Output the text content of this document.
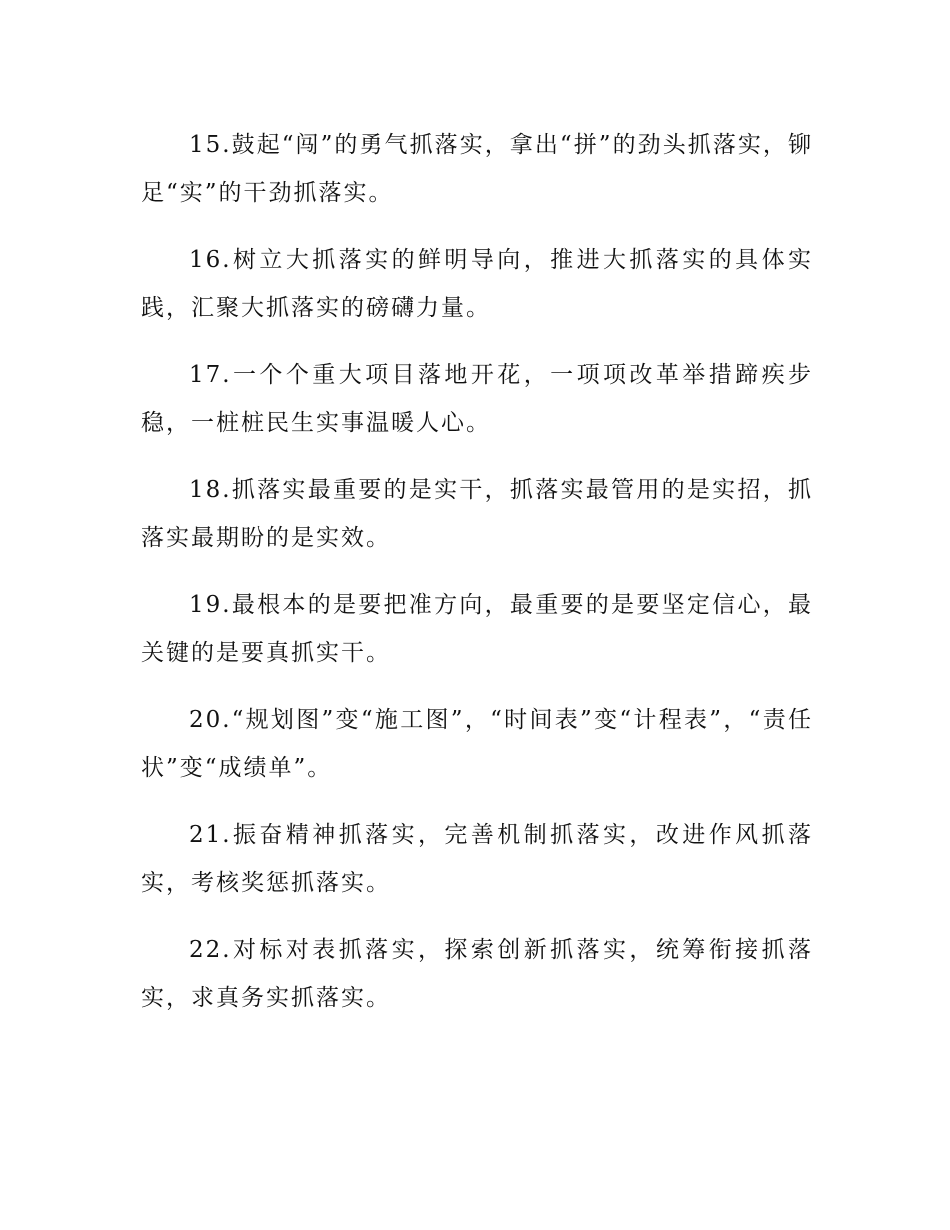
15.鼓起“闯”的勇气抓落实，拿出“拼”的劲头抓落实，铆足“实”的干劲抓落实。

16.树立大抓落实的鲜明导向，推进大抓落实的具体实践，汇聚大抓落实的磅礴力量。

17.一个个重大项目落地开花，一项项改革举措蹄疾步稳，一桩桩民生实事温暖人心。

18.抓落实最重要的是实干，抓落实最管用的是实招，抓落实最期盼的是实效。

19.最根本的是要把准方向，最重要的是要坚定信心，最关键的是要真抓实干。

20.“规划图”变“施工图”，“时间表”变“计程表”，“责任状”变“成绩单”。

21.振奋精神抓落实，完善机制抓落实，改进作风抓落实，考核奖惩抓落实。

22.对标对表抓落实，探索创新抓落实，统筹衔接抓落实，求真务实抓落实。
